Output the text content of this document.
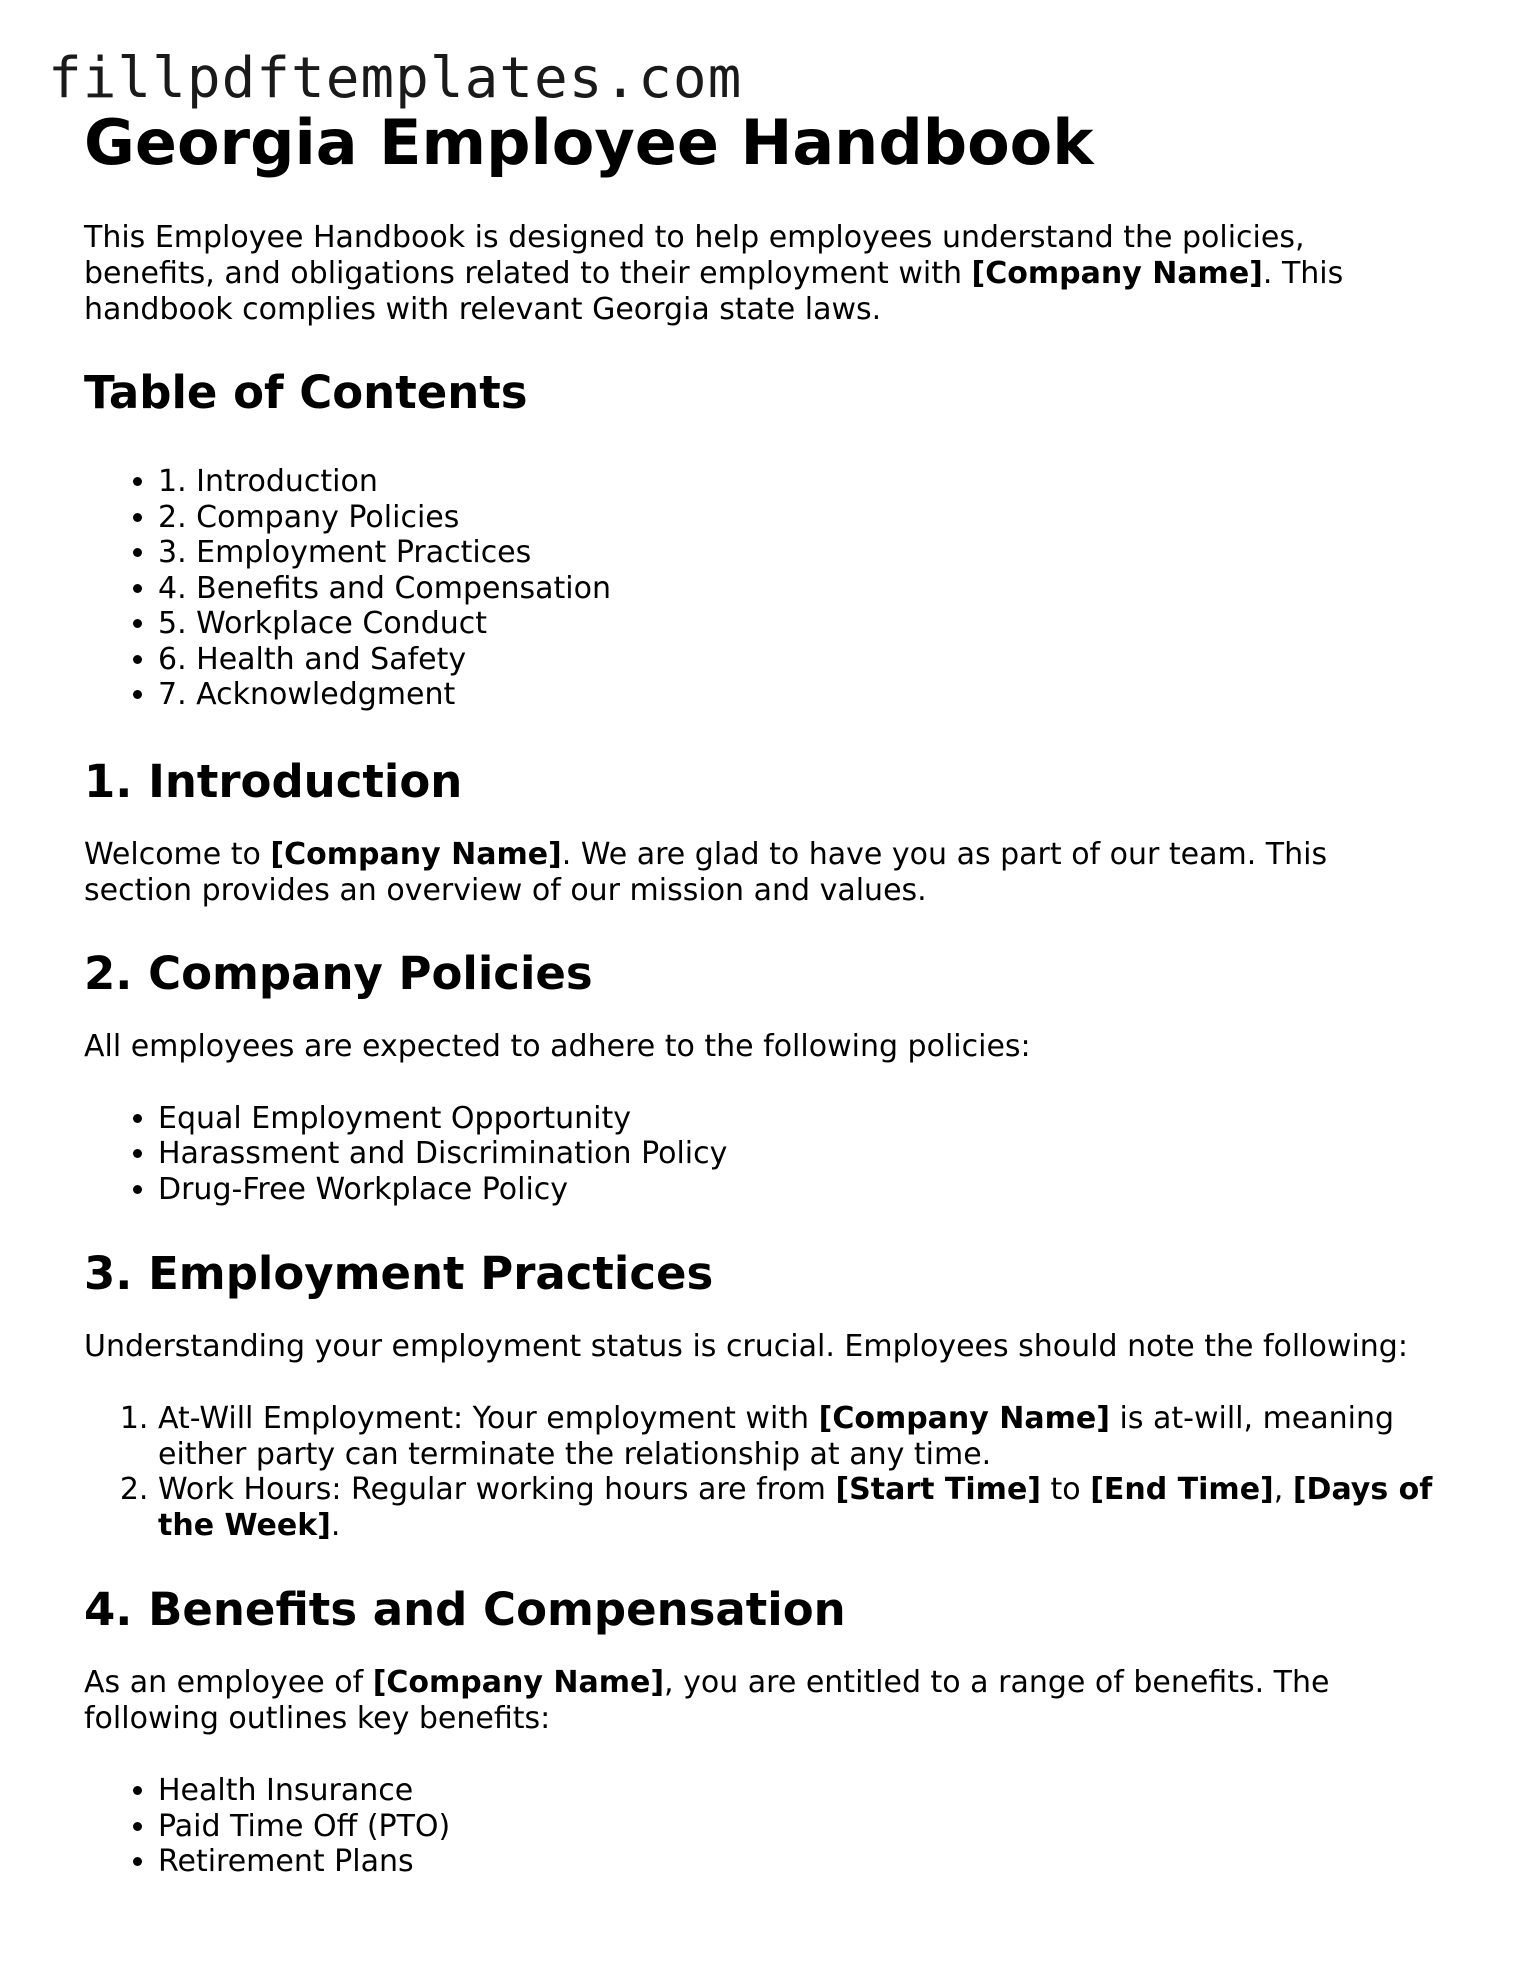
fillpdftemplates.com
Georgia Employee Handbook

This Employee Handbook is designed to help employees understand the policies, benefits, and obligations related to their employment with [Company Name]. This handbook complies with relevant Georgia state laws.

Table of Contents
• 1. Introduction
• 2. Company Policies
• 3. Employment Practices
• 4. Benefits and Compensation
• 5. Workplace Conduct
• 6. Health and Safety
• 7. Acknowledgment
1. Introduction

Welcome to [Company Name]. We are glad to have you as part of our team. This section provides an overview of our mission and values.

2. Company Policies

All employees are expected to adhere to the following policies:

• Equal Employment Opportunity
• Harassment and Discrimination Policy
• Drug-Free Workplace Policy
3. Employment Practices

Understanding your employment status is crucial. Employees should note the following:

1. At-Will Employment: Your employment with [Company Name] is at-will, meaning either party can terminate the relationship at any time.
2. Work Hours: Regular working hours are from [Start Time] to [End Time], [Days of the Week].
4. Benefits and Compensation

As an employee of [Company Name], you are entitled to a range of benefits. The following outlines key benefits:

• Health Insurance
• Paid Time Off (PTO)
• Retirement Plans
